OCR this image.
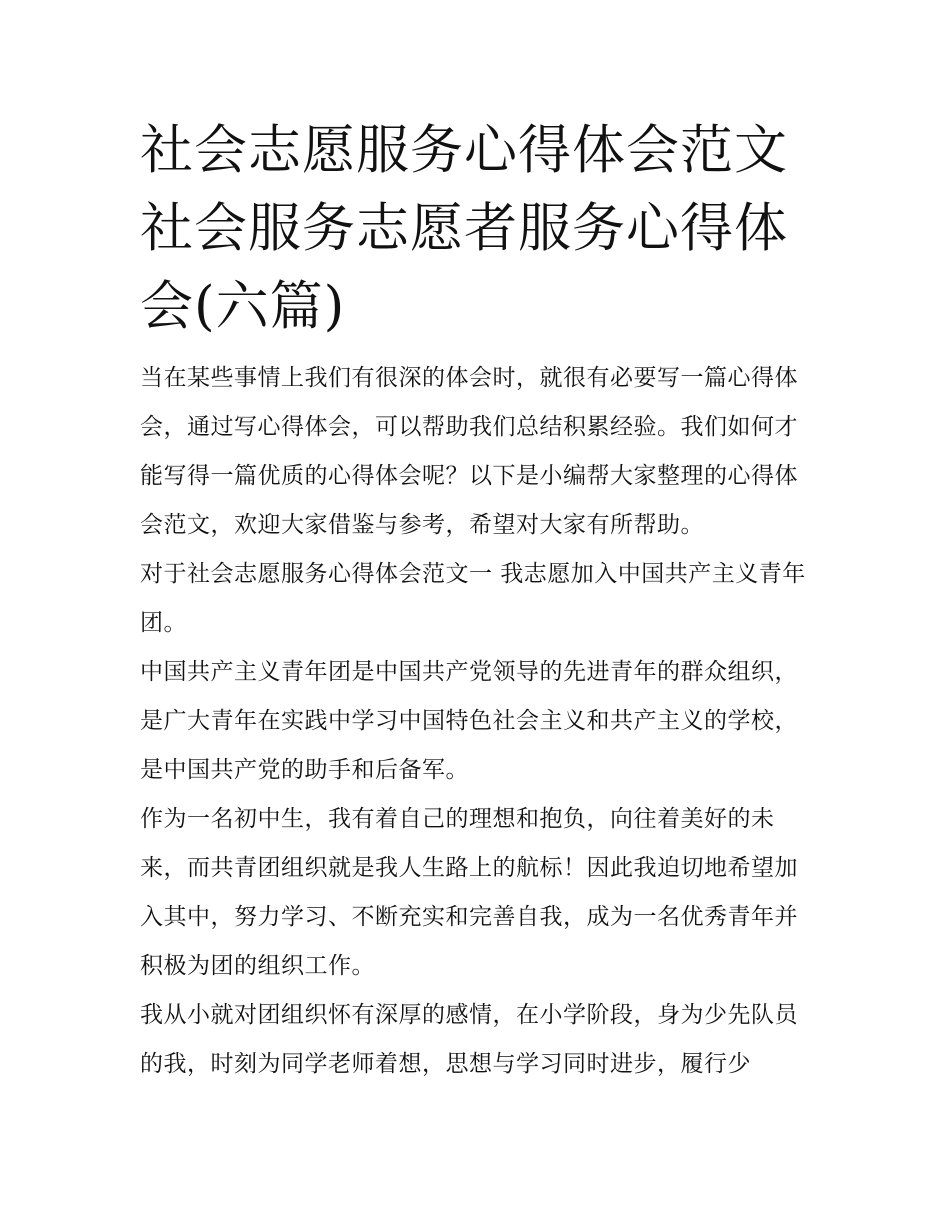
社会志愿服务心得体会范文 社会服务志愿者服务心得体会(六篇)

当在某些事情上我们有很深的体会时，就很有必要写一篇心得体会，通过写心得体会，可以帮助我们总结积累经验。我们如何才能写得一篇优质的心得体会呢？以下是小编帮大家整理的心得体会范文，欢迎大家借鉴与参考，希望对大家有所帮助。

对于社会志愿服务心得体会范文一 我志愿加入中国共产主义青年团。

中国共产主义青年团是中国共产党领导的先进青年的群众组织，是广大青年在实践中学习中国特色社会主义和共产主义的学校，是中国共产党的助手和后备军。

作为一名初中生，我有着自己的理想和抱负，向往着美好的未来，而共青团组织就是我人生路上的航标！因此我迫切地希望加入其中，努力学习、不断充实和完善自我，成为一名优秀青年并积极为团的组织工作。

我从小就对团组织怀有深厚的感情，在小学阶段，身为少先队员的我，时刻为同学老师着想，思想与学习同时进步，履行少
